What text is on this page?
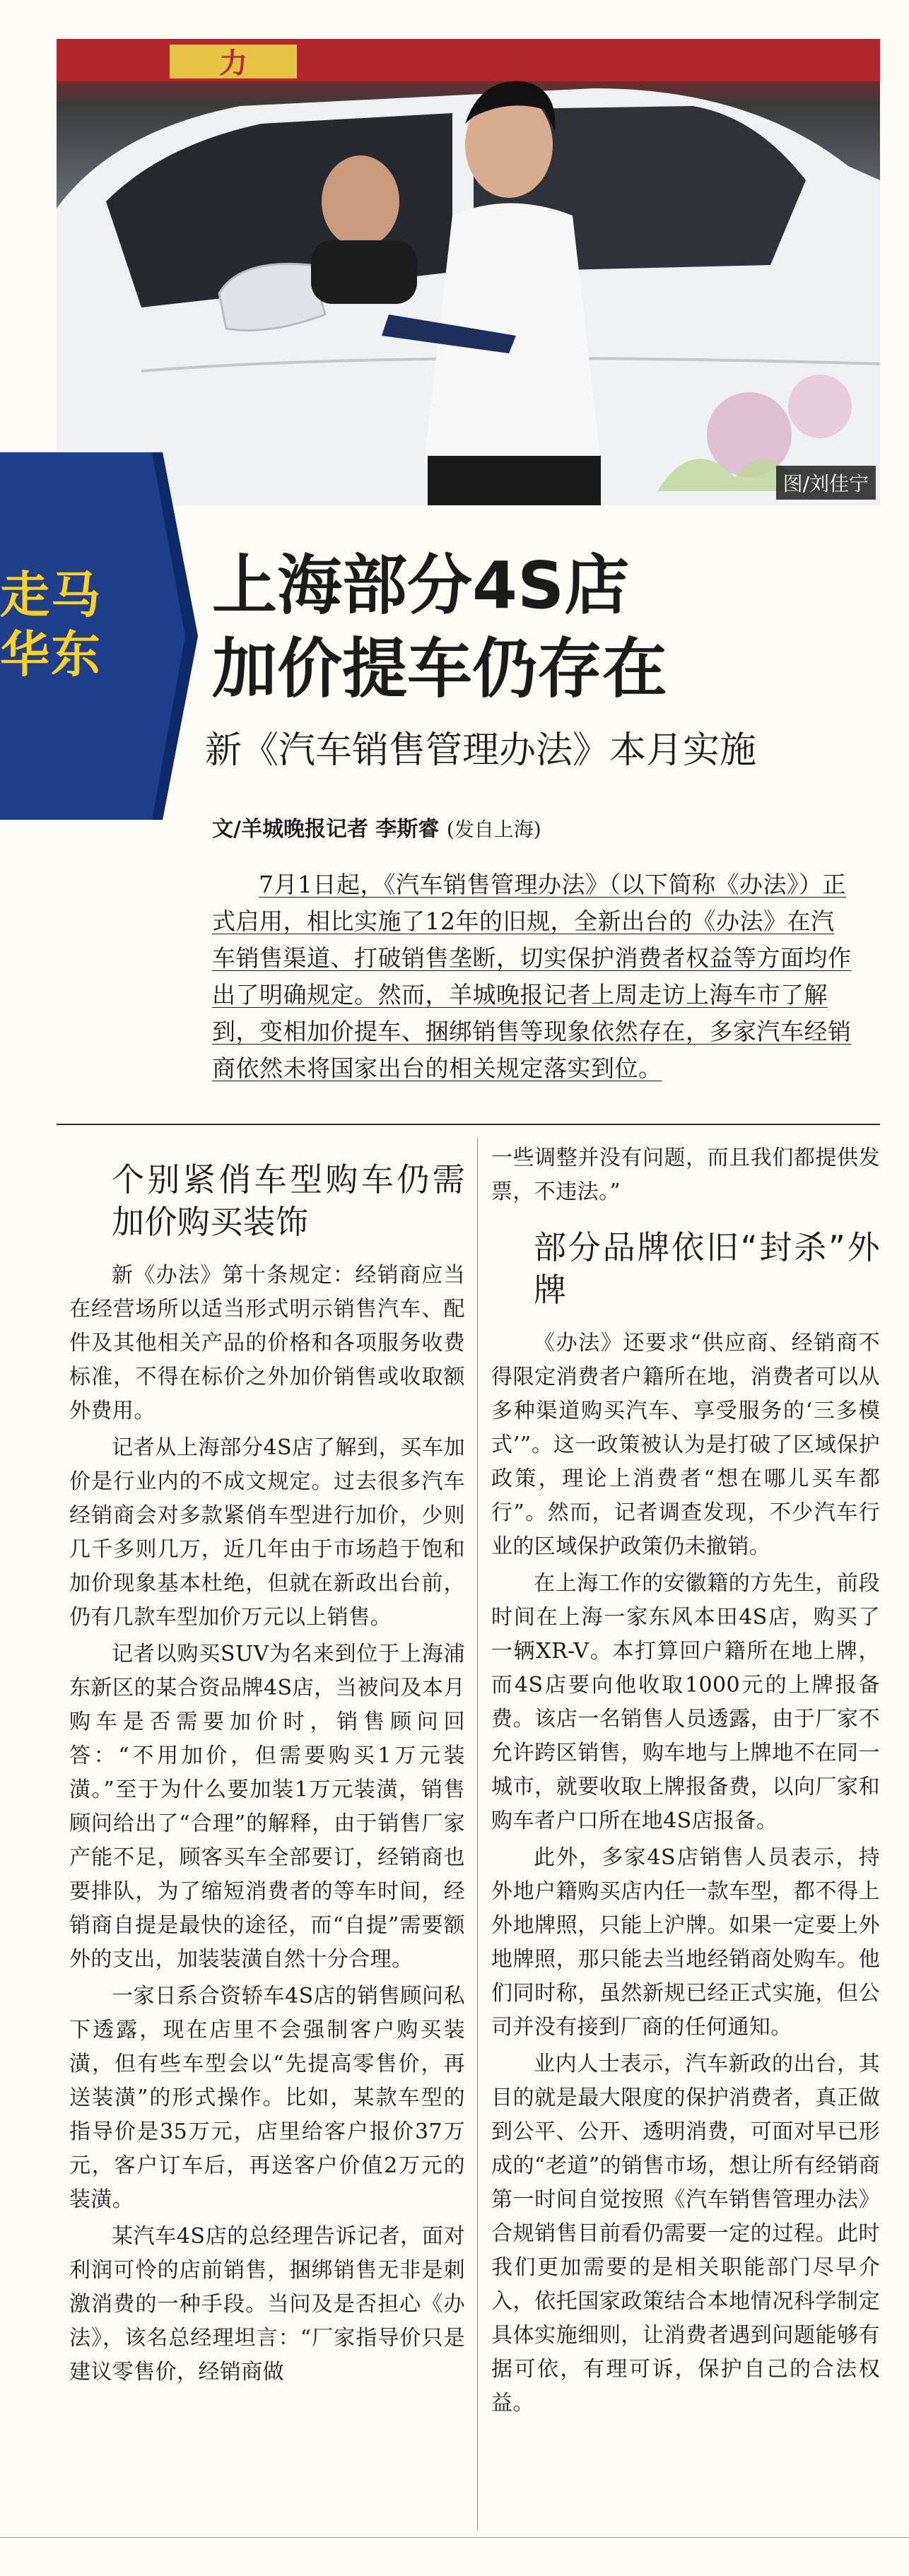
力
图/刘佳宁
走马
华东
上海部分4S店
加价提车仍存在
新《汽车销售管理办法》本月实施
文/羊城晚报记者 李斯睿 (发自上海)
7月1日起，《汽车销售管理办法》（以下简称《办法》）正式启用，相比实施了12年的旧规，全新出台的《办法》在汽车销售渠道、打破销售垄断，切实保护消费者权益等方面均作出了明确规定。然而，羊城晚报记者上周走访上海车市了解到，变相加价提车、捆绑销售等现象依然存在，多家汽车经销商依然未将国家出台的相关规定落实到位。
个别紧俏车型购车仍需加价购买装饰

新《办法》第十条规定：经销商应当在经营场所以适当形式明示销售汽车、配件及其他相关产品的价格和各项服务收费标准，不得在标价之外加价销售或收取额外费用。

记者从上海部分4S店了解到，买车加价是行业内的不成文规定。过去很多汽车经销商会对多款紧俏车型进行加价，少则几千多则几万，近几年由于市场趋于饱和加价现象基本杜绝，但就在新政出台前，仍有几款车型加价万元以上销售。

记者以购买SUV为名来到位于上海浦东新区的某合资品牌4S店，当被问及本月购车是否需要加价时，销售顾问回答：“不用加价，但需要购买1万元装潢。”至于为什么要加装1万元装潢，销售顾问给出了“合理”的解释，由于销售厂家产能不足，顾客买车全部要订，经销商也要排队，为了缩短消费者的等车时间，经销商自提是最快的途径，而“自提”需要额外的支出，加装装潢自然十分合理。

一家日系合资轿车4S店的销售顾问私下透露，现在店里不会强制客户购买装潢，但有些车型会以“先提高零售价，再送装潢”的形式操作。比如，某款车型的指导价是35万元，店里给客户报价37万元，客户订车后，再送客户价值2万元的装潢。

某汽车4S店的总经理告诉记者，面对利润可怜的店前销售，捆绑销售无非是刺激消费的一种手段。当问及是否担心《办法》，该名总经理坦言：“厂家指导价只是建议零售价，经销商做

一些调整并没有问题，而且我们都提供发票，不违法。”

部分品牌依旧“封杀”外牌

《办法》还要求“供应商、经销商不得限定消费者户籍所在地，消费者可以从多种渠道购买汽车、享受服务的‘三多模式’”。这一政策被认为是打破了区域保护政策，理论上消费者“想在哪儿买车都行”。然而，记者调查发现，不少汽车行业的区域保护政策仍未撤销。

在上海工作的安徽籍的方先生，前段时间在上海一家东风本田4S店，购买了一辆XR-V。本打算回户籍所在地上牌，而4S店要向他收取1000元的上牌报备费。该店一名销售人员透露，由于厂家不允许跨区销售，购车地与上牌地不在同一城市，就要收取上牌报备费，以向厂家和购车者户口所在地4S店报备。

此外，多家4S店销售人员表示，持外地户籍购买店内任一款车型，都不得上外地牌照，只能上沪牌。如果一定要上外地牌照，那只能去当地经销商处购车。他们同时称，虽然新规已经正式实施，但公司并没有接到厂商的任何通知。

业内人士表示，汽车新政的出台，其目的就是最大限度的保护消费者，真正做到公平、公开、透明消费，可面对早已形成的“老道”的销售市场，想让所有经销商第一时间自觉按照《汽车销售管理办法》合规销售目前看仍需要一定的过程。此时我们更加需要的是相关职能部门尽早介入，依托国家政策结合本地情况科学制定具体实施细则，让消费者遇到问题能够有据可依，有理可诉，保护自己的合法权益。
